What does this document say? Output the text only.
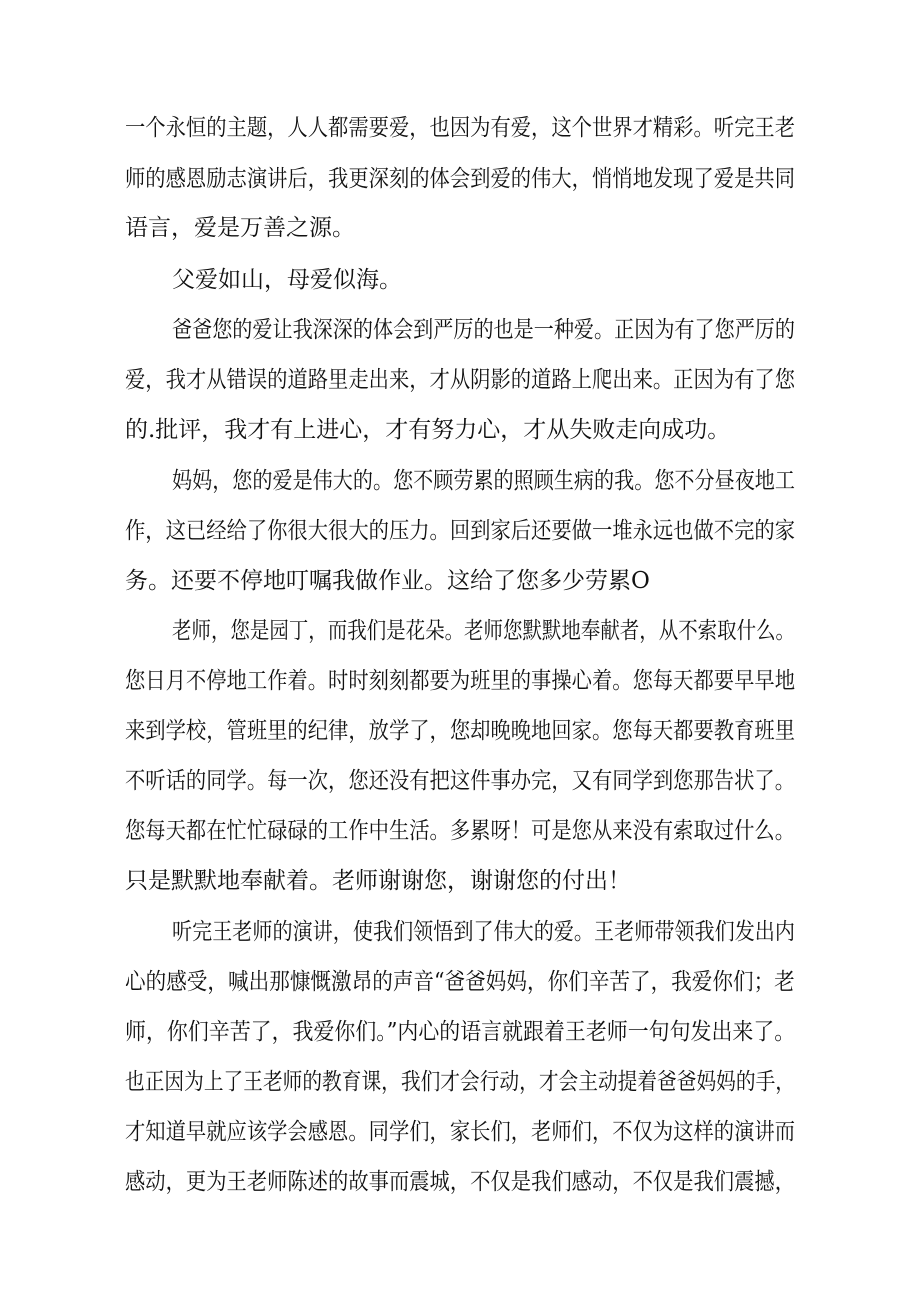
一个永恒的主题，人人都需要爱，也因为有爱，这个世界才精彩。听完王老
师的感恩励志演讲后，我更深刻的体会到爱的伟大，悄悄地发现了爱是共同
语言，爱是万善之源。
父爱如山，母爱似海。
爸爸您的爱让我深深的体会到严厉的也是一种爱。正因为有了您严厉的
爱，我才从错误的道路里走出来，才从阴影的道路上爬出来。正因为有了您
的.批评，我才有上进心，才有努力心，才从失败走向成功。
妈妈，您的爱是伟大的。您不顾劳累的照顾生病的我。您不分昼夜地工
作，这已经给了你很大很大的压力。回到家后还要做一堆永远也做不完的家
务。还要不停地叮嘱我做作业。这给了您多少劳累O
老师，您是园丁，而我们是花朵。老师您默默地奉献者，从不索取什么。
您日月不停地工作着。时时刻刻都要为班里的事操心着。您每天都要早早地
来到学校，管班里的纪律，放学了，您却晚晚地回家。您每天都要教育班里
不听话的同学。每一次，您还没有把这件事办完，又有同学到您那告状了。
您每天都在忙忙碌碌的工作中生活。多累呀！可是您从来没有索取过什么。
只是默默地奉献着。老师谢谢您，谢谢您的付出！
听完王老师的演讲，使我们领悟到了伟大的爱。王老师带领我们发出内
心的感受，喊出那慷慨激昂的声音“爸爸妈妈，你们辛苦了，我爱你们；老
师，你们辛苦了，我爱你们。”内心的语言就跟着王老师一句句发出来了。
也正因为上了王老师的教育课，我们才会行动，才会主动提着爸爸妈妈的手，
才知道早就应该学会感恩。同学们，家长们，老师们，不仅为这样的演讲而
感动，更为王老师陈述的故事而震城，不仅是我们感动，不仅是我们震撼，
